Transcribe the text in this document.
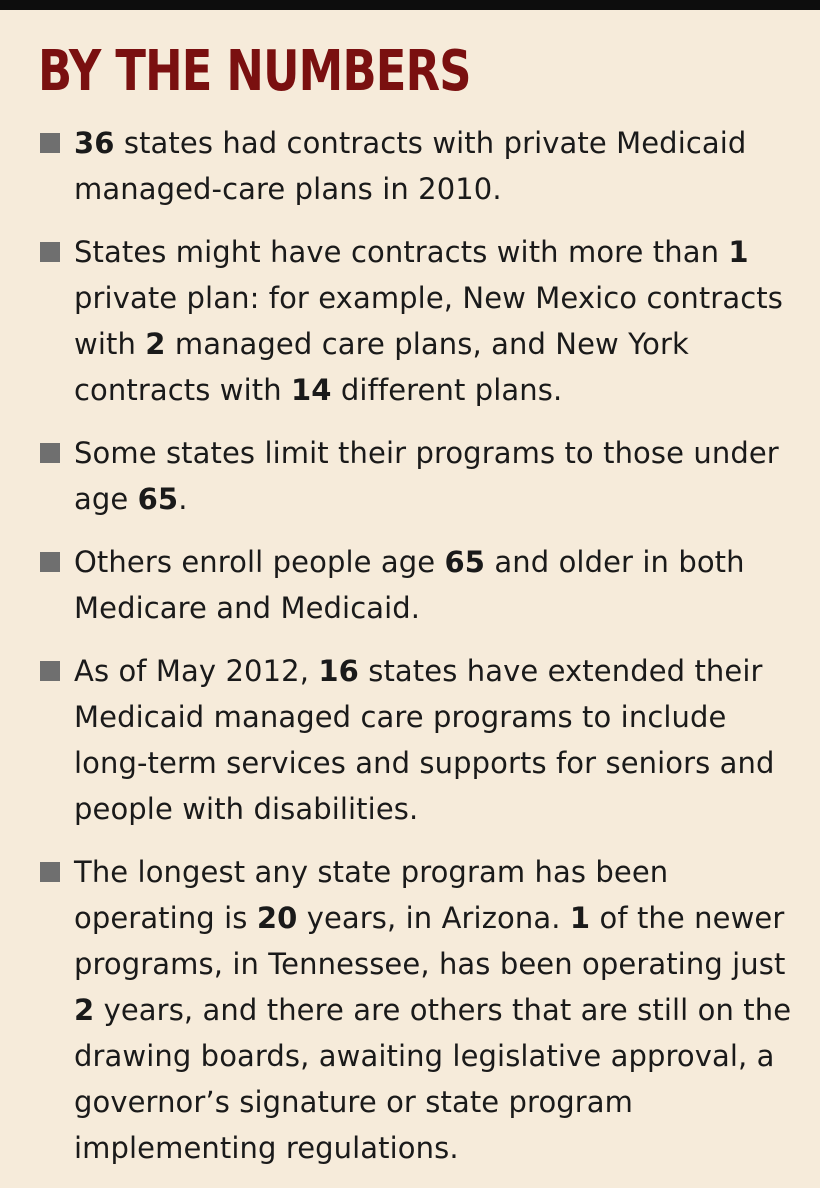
BY THE NUMBERS
36 states had contracts with private Medicaid managed-care plans in 2010.
States might have contracts with more than 1 private plan: for example, New Mexico contracts with 2 managed care plans, and New York contracts with 14 different plans.
Some states limit their programs to those under age 65.
Others enroll people age 65 and older in both Medicare and Medicaid.
As of May 2012, 16 states have extended their Medicaid managed care programs to include long-term services and supports for seniors and people with disabilities.
The longest any state program has been operating is 20 years, in Arizona. 1 of the newer programs, in Tennessee, has been operating just 2 years, and there are others that are still on the drawing boards, awaiting legislative approval, a governor’s signature or state program implementing regulations.
